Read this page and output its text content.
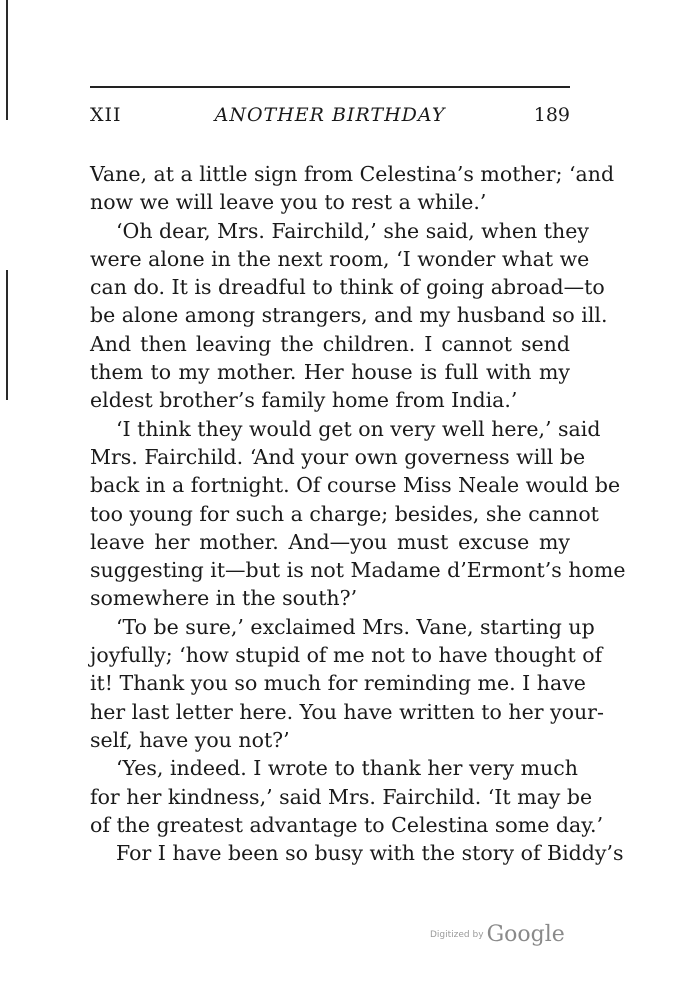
XII	ANOTHER BIRTHDAY	189
Vane, at a little sign from Celestina’s mother; ‘and
now we will leave you to rest a while.’
‘Oh dear, Mrs. Fairchild,’ she said, when they
were alone in the next room, ‘I wonder what we
can do. It is dreadful to think of going abroad—to
be alone among strangers, and my husband so ill.
And then leaving the children. I cannot send
them to my mother. Her house is full with my
eldest brother’s family home from India.’
‘I think they would get on very well here,’ said
Mrs. Fairchild. ‘And your own governess will be
back in a fortnight. Of course Miss Neale would be
too young for such a charge; besides, she cannot
leave her mother. And—you must excuse my
suggesting it—but is not Madame d’Ermont’s home
somewhere in the south?’
‘To be sure,’ exclaimed Mrs. Vane, starting up
joyfully; ‘how stupid of me not to have thought of
it! Thank you so much for reminding me. I have
her last letter here. You have written to her your-
self, have you not?’
‘Yes, indeed. I wrote to thank her very much
for her kindness,’ said Mrs. Fairchild. ‘It may be
of the greatest advantage to Celestina some day.’
For I have been so busy with the story of Biddy’s
Digitized by Google
